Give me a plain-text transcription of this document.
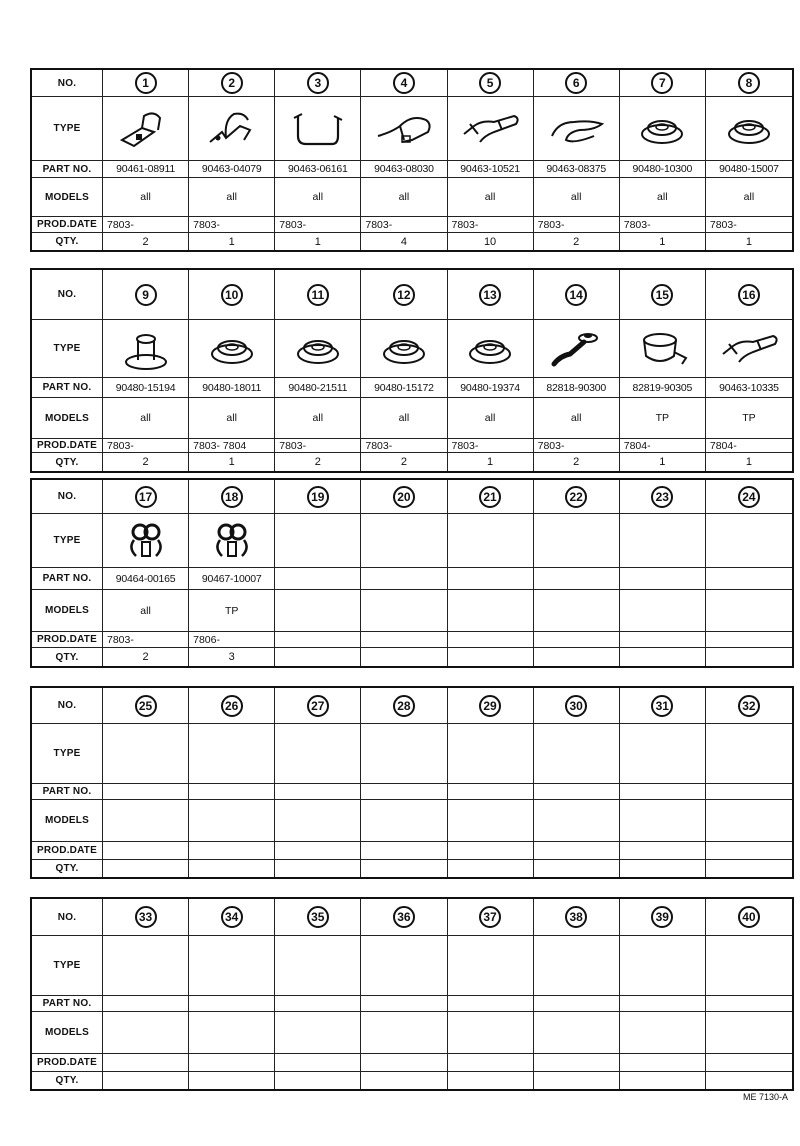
NO.	1	2	3	4	5	6	7	8
TYPE
PART NO.	90461-08911	90463-04079	90463-06161	90463-08030	90463-10521	90463-08375	90480-10300	90480-15007
MODELS	all	all	all	all	all	all	all	all
PROD.DATE 7803-	7803-	7803-	7803-	7803-	7803-	7803-	7803-
QTY.	2	1	1	4	10	2	1	1
NO.	9	10	11	12	13	14	15	16
TYPE
PART NO.	90480-15194	90480-18011	90480-21511	90480-15172	90480-19374	82818-90300	82819-90305	90463-10335
MODELS	all	all	all	all	all	all	TP	TP
PROD.DATE 7803-	7803- 7804	7803-	7803-	7803-	7803-	7804-	7804-
QTY.	2	1	2	2	1	2	1	1
NO.	17	18	19	20	21	22	23	24
TYPE
PART NO.	90464-00165	90467-10007
MODELS	all	TP
PROD.DATE 7803-	7806-
QTY.	2	3
NO.	25	26	27	28	29	30	31	32
TYPE
PART NO.
MODELS
PROD.DATE
QTY.
NO.	33	34	35	36	37	38	39	40
TYPE
PART NO.
MODELS
PROD.DATE
QTY.
ME 7130-A
